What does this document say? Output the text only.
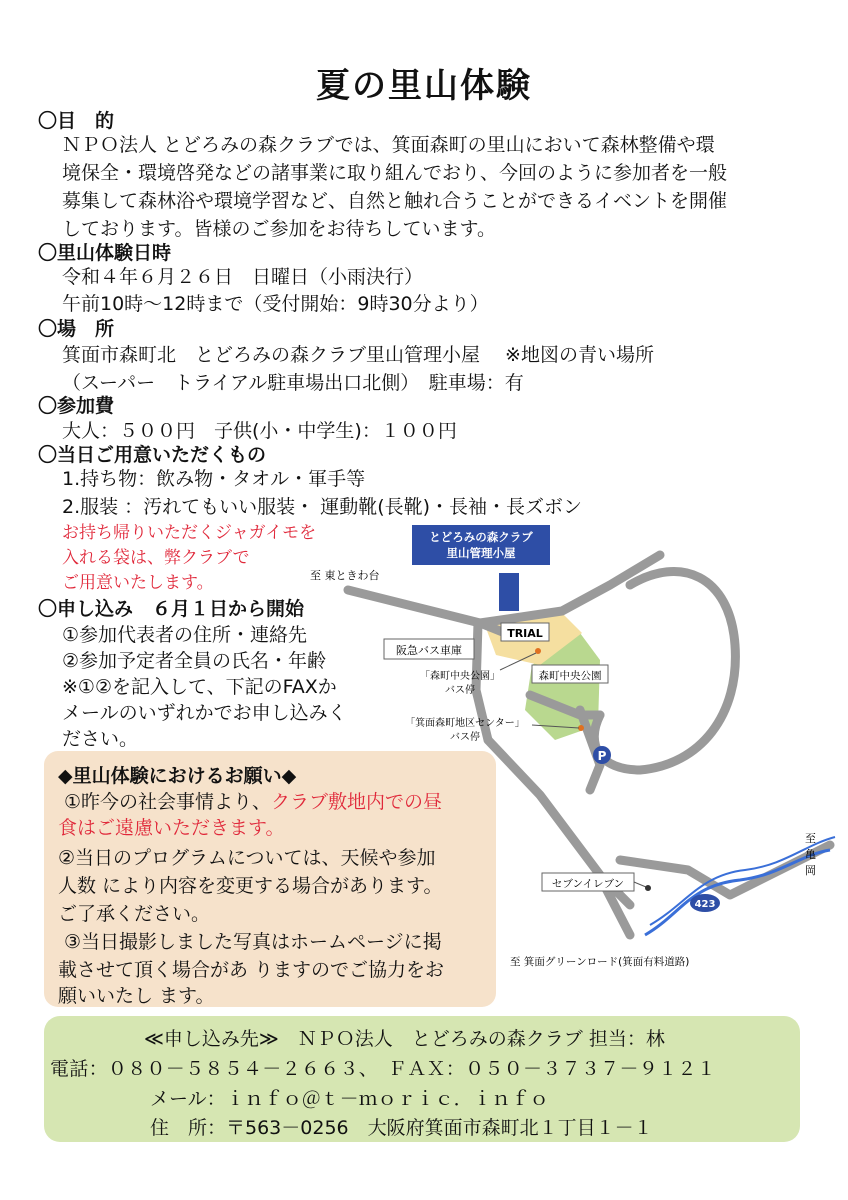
夏の里山体験
〇目　的
ＮＰＯ法人 とどろみの森クラブでは、箕面森町の里山において森林整備や環
境保全・環境啓発などの諸事業に取り組んでおり、今回のように参加者を一般
募集して森林浴や環境学習など、自然と触れ合うことができるイベントを開催
しております。皆様のご参加をお待ちしています。
〇里山体験日時
令和４年６月２６日　日曜日（小雨決行）
午前10時～12時まで（受付開始：9時30分より）
〇場　所
箕面市森町北　とどろみの森クラブ里山管理小屋　 ※地図の青い場所
（スーパー　トライアル駐車場出口北側）　駐車場：有
〇参加費
大人：５００円　子供(小・中学生)：１００円
〇当日ご用意いただくもの
1.持ち物：飲み物・タオル・軍手等
2.服装 ：汚れてもいい服装・ 運動靴(長靴)・長袖・長ズボン
お持ち帰りいただくジャガイモを
入れる袋は、弊クラブで
ご用意いたします。
〇申し込み　６月１日から開始
①参加代表者の住所・連絡先
②参加予定者全員の氏名・年齢
※①②を記入して、下記のFAXか
メールのいずれかでお申し込みく
ださい。
とどろみの森クラブ
里山管理小屋
至 東ときわ台
阪急バス車庫
TRIAL
森町中央公園
「森町中央公園」
バス停
「箕面森町地区センター」
バス停
P
セブンイレブン
423
至
亀
岡
至 箕面グリーンロード(箕面有料道路)
◆里山体験におけるお願い◆
①昨今の社会事情より、クラブ敷地内での昼
食はご遠慮いただきます。
②当日のプログラムについては、天候や参加
人数 により内容を変更する場合があります。
ご了承ください。
③当日撮影しました写真はホームページに掲
載させて頂く場合があ りますのでご協力をお
願いいたし ます。
≪申し込み先≫　ＮＰＯ法人　とどろみの森クラブ 担当：林
電話：０８０－５８５４－２６６３、　ＦＡＸ：０５０－３７３７－９１２１
メール：ｉｎｆｏ＠ｔ－ｍｏｒｉｃ．ｉｎｆｏ
住　所：〒563－0256　大阪府箕面市森町北１丁目１－１
